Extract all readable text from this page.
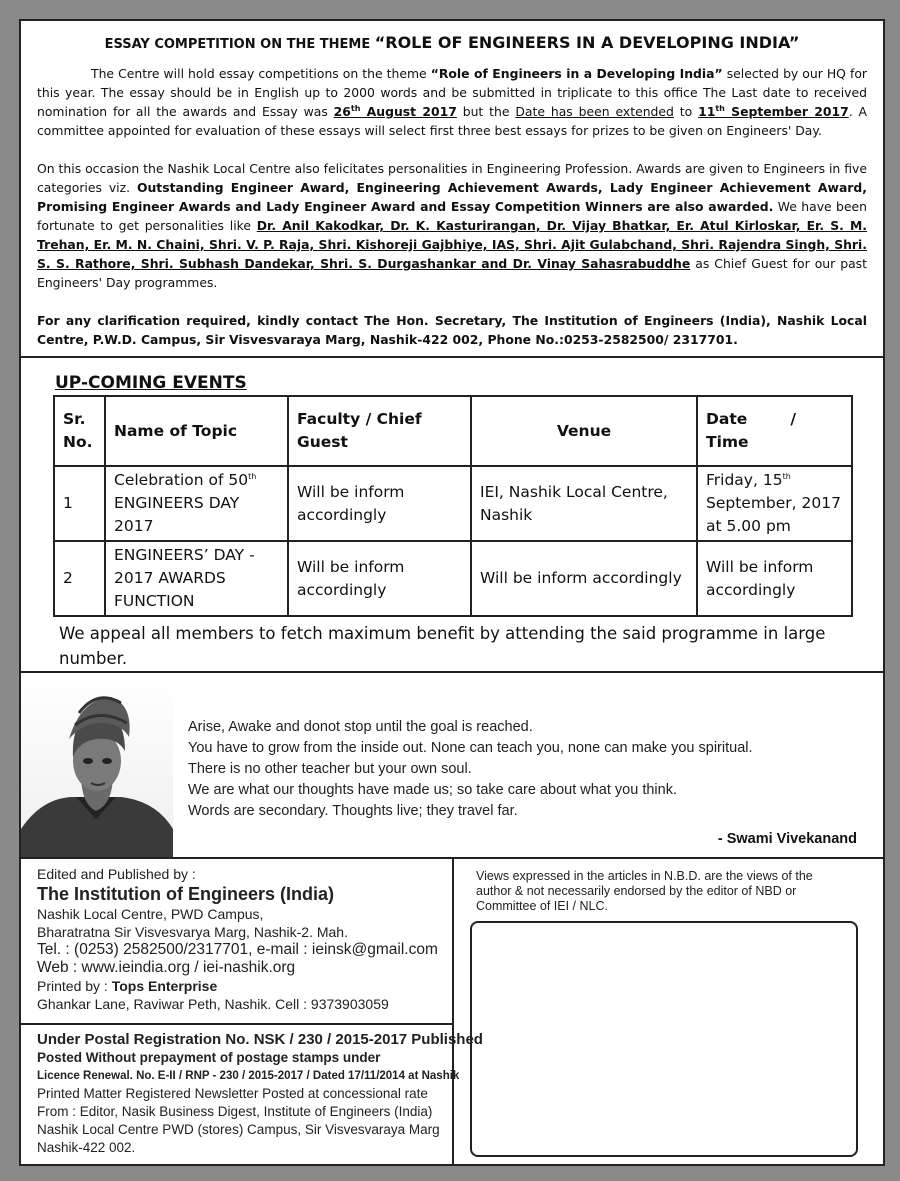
ESSAY COMPETITION ON THE THEME “ROLE OF ENGINEERS IN A DEVELOPING INDIA”

The Centre will hold essay competitions on the theme “Role of Engineers in a Developing India” selected by our HQ for this year. The essay should be in English up to 2000 words and be submitted in triplicate to this office The Last date to received nomination for all the awards and Essay was 26th August 2017 but the Date has been extended to 11th September 2017. A committee appointed for evaluation of these essays will select first three best essays for prizes to be given on Engineers' Day.

On this occasion the Nashik Local Centre also felicitates personalities in Engineering Profession. Awards are given to Engineers in five categories viz. Outstanding Engineer Award, Engineering Achievement Awards, Lady Engineer Achievement Award, Promising Engineer Awards and Lady Engineer Award and Essay Competition Winners are also awarded. We have been fortunate to get personalities like Dr. Anil Kakodkar, Dr. K. Kasturirangan, Dr. Vijay Bhatkar, Er. Atul Kirloskar, Er. S. M. Trehan, Er. M. N. Chaini, Shri. V. P. Raja, Shri. Kishoreji Gajbhiye, IAS, Shri. Ajit Gulabchand, Shri. Rajendra Singh, Shri. S. S. Rathore, Shri. Subhash Dandekar, Shri. S. Durgashankar and Dr. Vinay Sahasrabuddhe as Chief Guest for our past Engineers' Day programmes.

For any clarification required, kindly contact The Hon. Secretary, The Institution of Engineers (India), Nashik Local Centre, P.W.D. Campus, Sir Visvesvaraya Marg, Nashik-422 002, Phone No.:0253-2582500/ 2317701.

UP-COMING EVENTS
Sr. No.	Name of Topic	Faculty / Chief Guest	Venue	Date        /  Time
1	Celebration of 50th ENGINEERS DAY 2017	Will be inform accordingly	IEI, Nashik Local Centre, Nashik	Friday, 15th September, 2017 at 5.00 pm
2	ENGINEERS’ DAY - 2017 AWARDS FUNCTION	Will be inform accordingly	Will be inform accordingly	Will be inform accordingly
We appeal all members to fetch maximum benefit by attending the said programme in large number.
Arise, Awake and donot stop until the goal is reached.
You have to grow from the inside out. None can teach you, none can make you spiritual.
There is no other teacher but your own soul.
We are what our thoughts have made us; so take care about what you think.
Words are secondary. Thoughts live; they travel far.
- Swami Vivekanand
Edited and Published by :
The Institution of Engineers (India)
Nashik Local Centre, PWD Campus,
Bharatratna Sir Visvesvarya Marg, Nashik-2. Mah.
Tel. : (0253) 2582500/2317701, e-mail : ieinsk@gmail.com
Web : www.ieindia.org / iei-nashik.org
Printed by : Tops Enterprise
Ghankar Lane, Raviwar Peth, Nashik. Cell : 9373903059
Under Postal Registration No. NSK / 230 / 2015-2017 Published
Posted Without prepayment of postage stamps under
Licence Renewal. No. E-II / RNP - 230 / 2015-2017 / Dated 17/11/2014 at Nashik
Printed Matter Registered Newsletter Posted at concessional rate
From : Editor, Nasik Business Digest, Institute of Engineers (India)
Nashik Local Centre PWD (stores) Campus, Sir Visvesvaraya Marg
Nashik-422 002.
Views expressed in the articles in N.B.D. are the views of the author & not necessarily endorsed by the editor of NBD or Committee of IEI / NLC.
